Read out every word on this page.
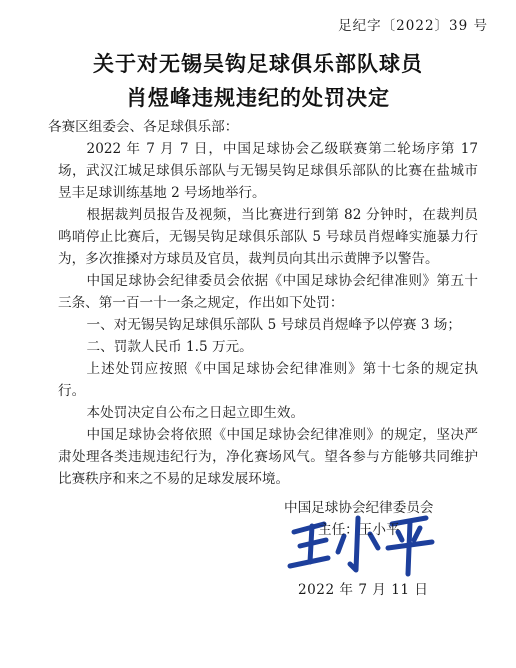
足纪字〔2022〕39 号
关于对无锡吴钩足球俱乐部队球员
肖煜峰违规违纪的处罚决定

各赛区组委会、各足球俱乐部：

2022 年 7 月 7 日，中国足球协会乙级联赛第二轮场序第 17 场，武汉江城足球俱乐部队与无锡吴钩足球俱乐部队的比赛在盐城市昱丰足球训练基地 2 号场地举行。

根据裁判员报告及视频，当比赛进行到第 82 分钟时，在裁判员鸣哨停止比赛后，无锡吴钩足球俱乐部队 5 号球员肖煜峰实施暴力行为，多次推搡对方球员及官员，裁判员向其出示黄牌予以警告。

中国足球协会纪律委员会依据《中国足球协会纪律准则》第五十三条、第一百一十一条之规定，作出如下处罚：

一、对无锡吴钩足球俱乐部队 5 号球员肖煜峰予以停赛 3 场；

二、罚款人民币 1.5 万元。

上述处罚应按照《中国足球协会纪律准则》第十七条的规定执行。

本处罚决定自公布之日起立即生效。

中国足球协会将依照《中国足球协会纪律准则》的规定，坚决严肃处理各类违规违纪行为，净化赛场风气。望各参与方能够共同维护比赛秩序和来之不易的足球发展环境。

中国足球协会纪律委员会
主任：王小平
2022 年 7 月 11 日
